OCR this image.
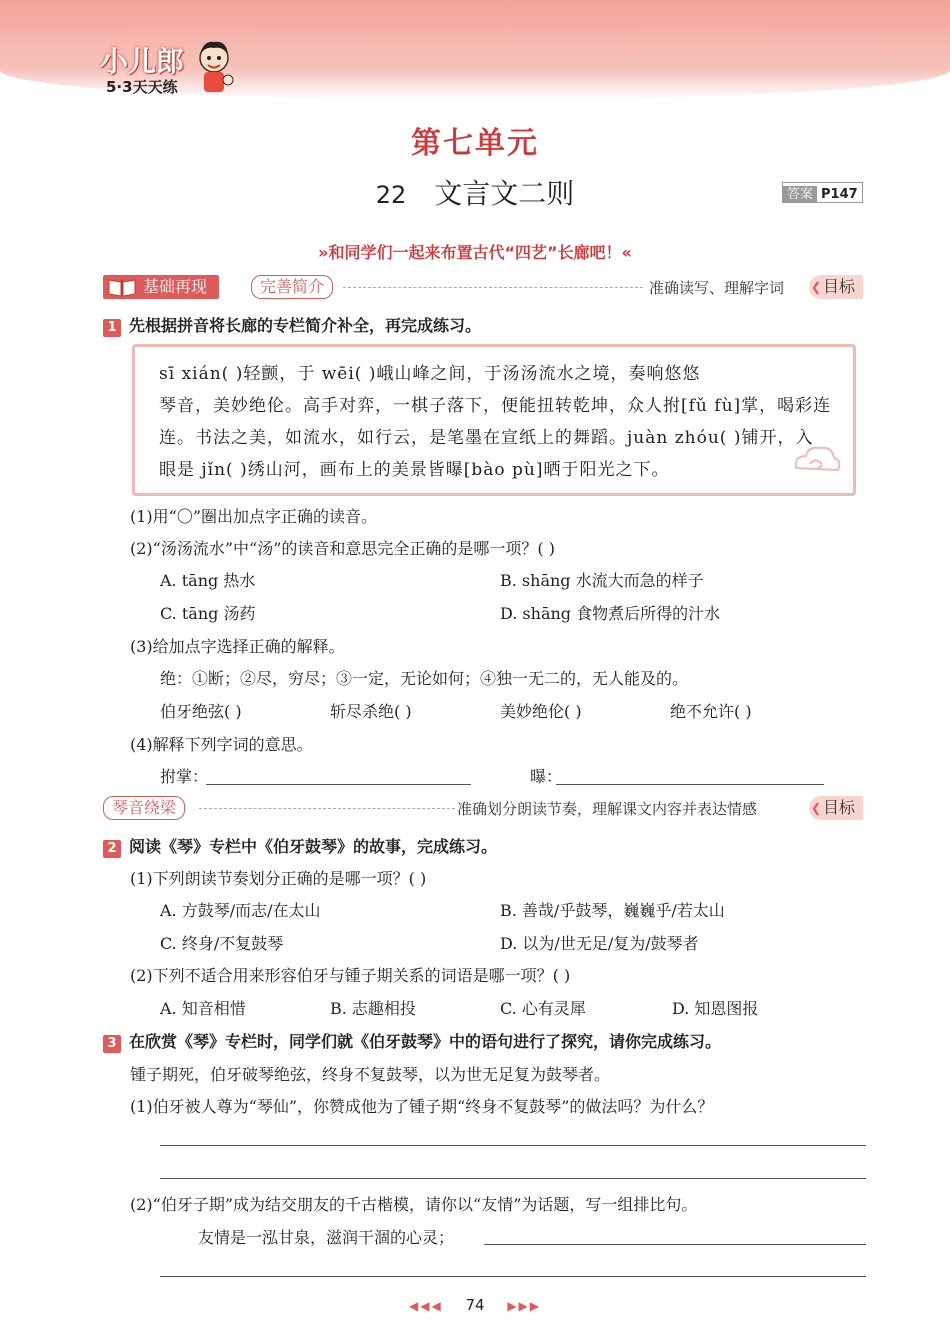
小儿郎
5·3天天练
第七单元
22 文言文二则	答案 P147
»和同学们一起来布置古代“四艺”长廊吧！«
基础再现	完善简介	准确读写、理解字词	❮ 目标
1 先根据拼音将长廊的专栏简介补全，再完成练习。
sī xián( )轻颤，于 wēi( )峨山峰之间，于汤汤流水之境，奏响悠悠
琴音，美妙绝伦。高手对弈，一棋子落下，便能扭转乾坤，众人拊[fǔ fù]掌，喝彩连
连。书法之美，如流水，如行云，是笔墨在宣纸上的舞蹈。juàn zhóu( )铺开，入
眼是 jǐn( )绣山河，画布上的美景皆曝[bào pù]晒于阳光之下。
(1)用“〇”圈出加点字正确的读音。
(2)“汤汤流水”中“汤”的读音和意思完全正确的是哪一项？( )
A. tāng 热水	B. shāng 水流大而急的样子
C. tāng 汤药	D. shāng 食物煮后所得的汁水
(3)给加点字选择正确的解释。
绝：①断；②尽，穷尽；③一定，无论如何；④独一无二的，无人能及的。
伯牙绝弦( )	斩尽杀绝( )	美妙绝伦( )	绝不允许( )
(4)解释下列字词的意思。
拊掌：	曝：
琴音绕梁	准确划分朗读节奏，理解课文内容并表达情感	❮ 目标
2 阅读《琴》专栏中《伯牙鼓琴》的故事，完成练习。
(1)下列朗读节奏划分正确的是哪一项？( )
A. 方鼓琴/而志/在太山	B. 善哉/乎鼓琴，巍巍乎/若太山
C. 终身/不复鼓琴	D. 以为/世无足/复为/鼓琴者
(2)下列不适合用来形容伯牙与锺子期关系的词语是哪一项？( )
A. 知音相惜	B. 志趣相投	C. 心有灵犀	D. 知恩图报
3 在欣赏《琴》专栏时，同学们就《伯牙鼓琴》中的语句进行了探究，请你完成练习。
锺子期死，伯牙破琴绝弦，终身不复鼓琴，以为世无足复为鼓琴者。
(1)伯牙被人尊为“琴仙”，你赞成他为了锺子期“终身不复鼓琴”的做法吗？为什么？
(2)“伯牙子期”成为结交朋友的千古楷模，请你以“友情”为话题，写一组排比句。
友情是一泓甘泉，滋润干涸的心灵；
◀◀◀ 74 ▶▶▶
